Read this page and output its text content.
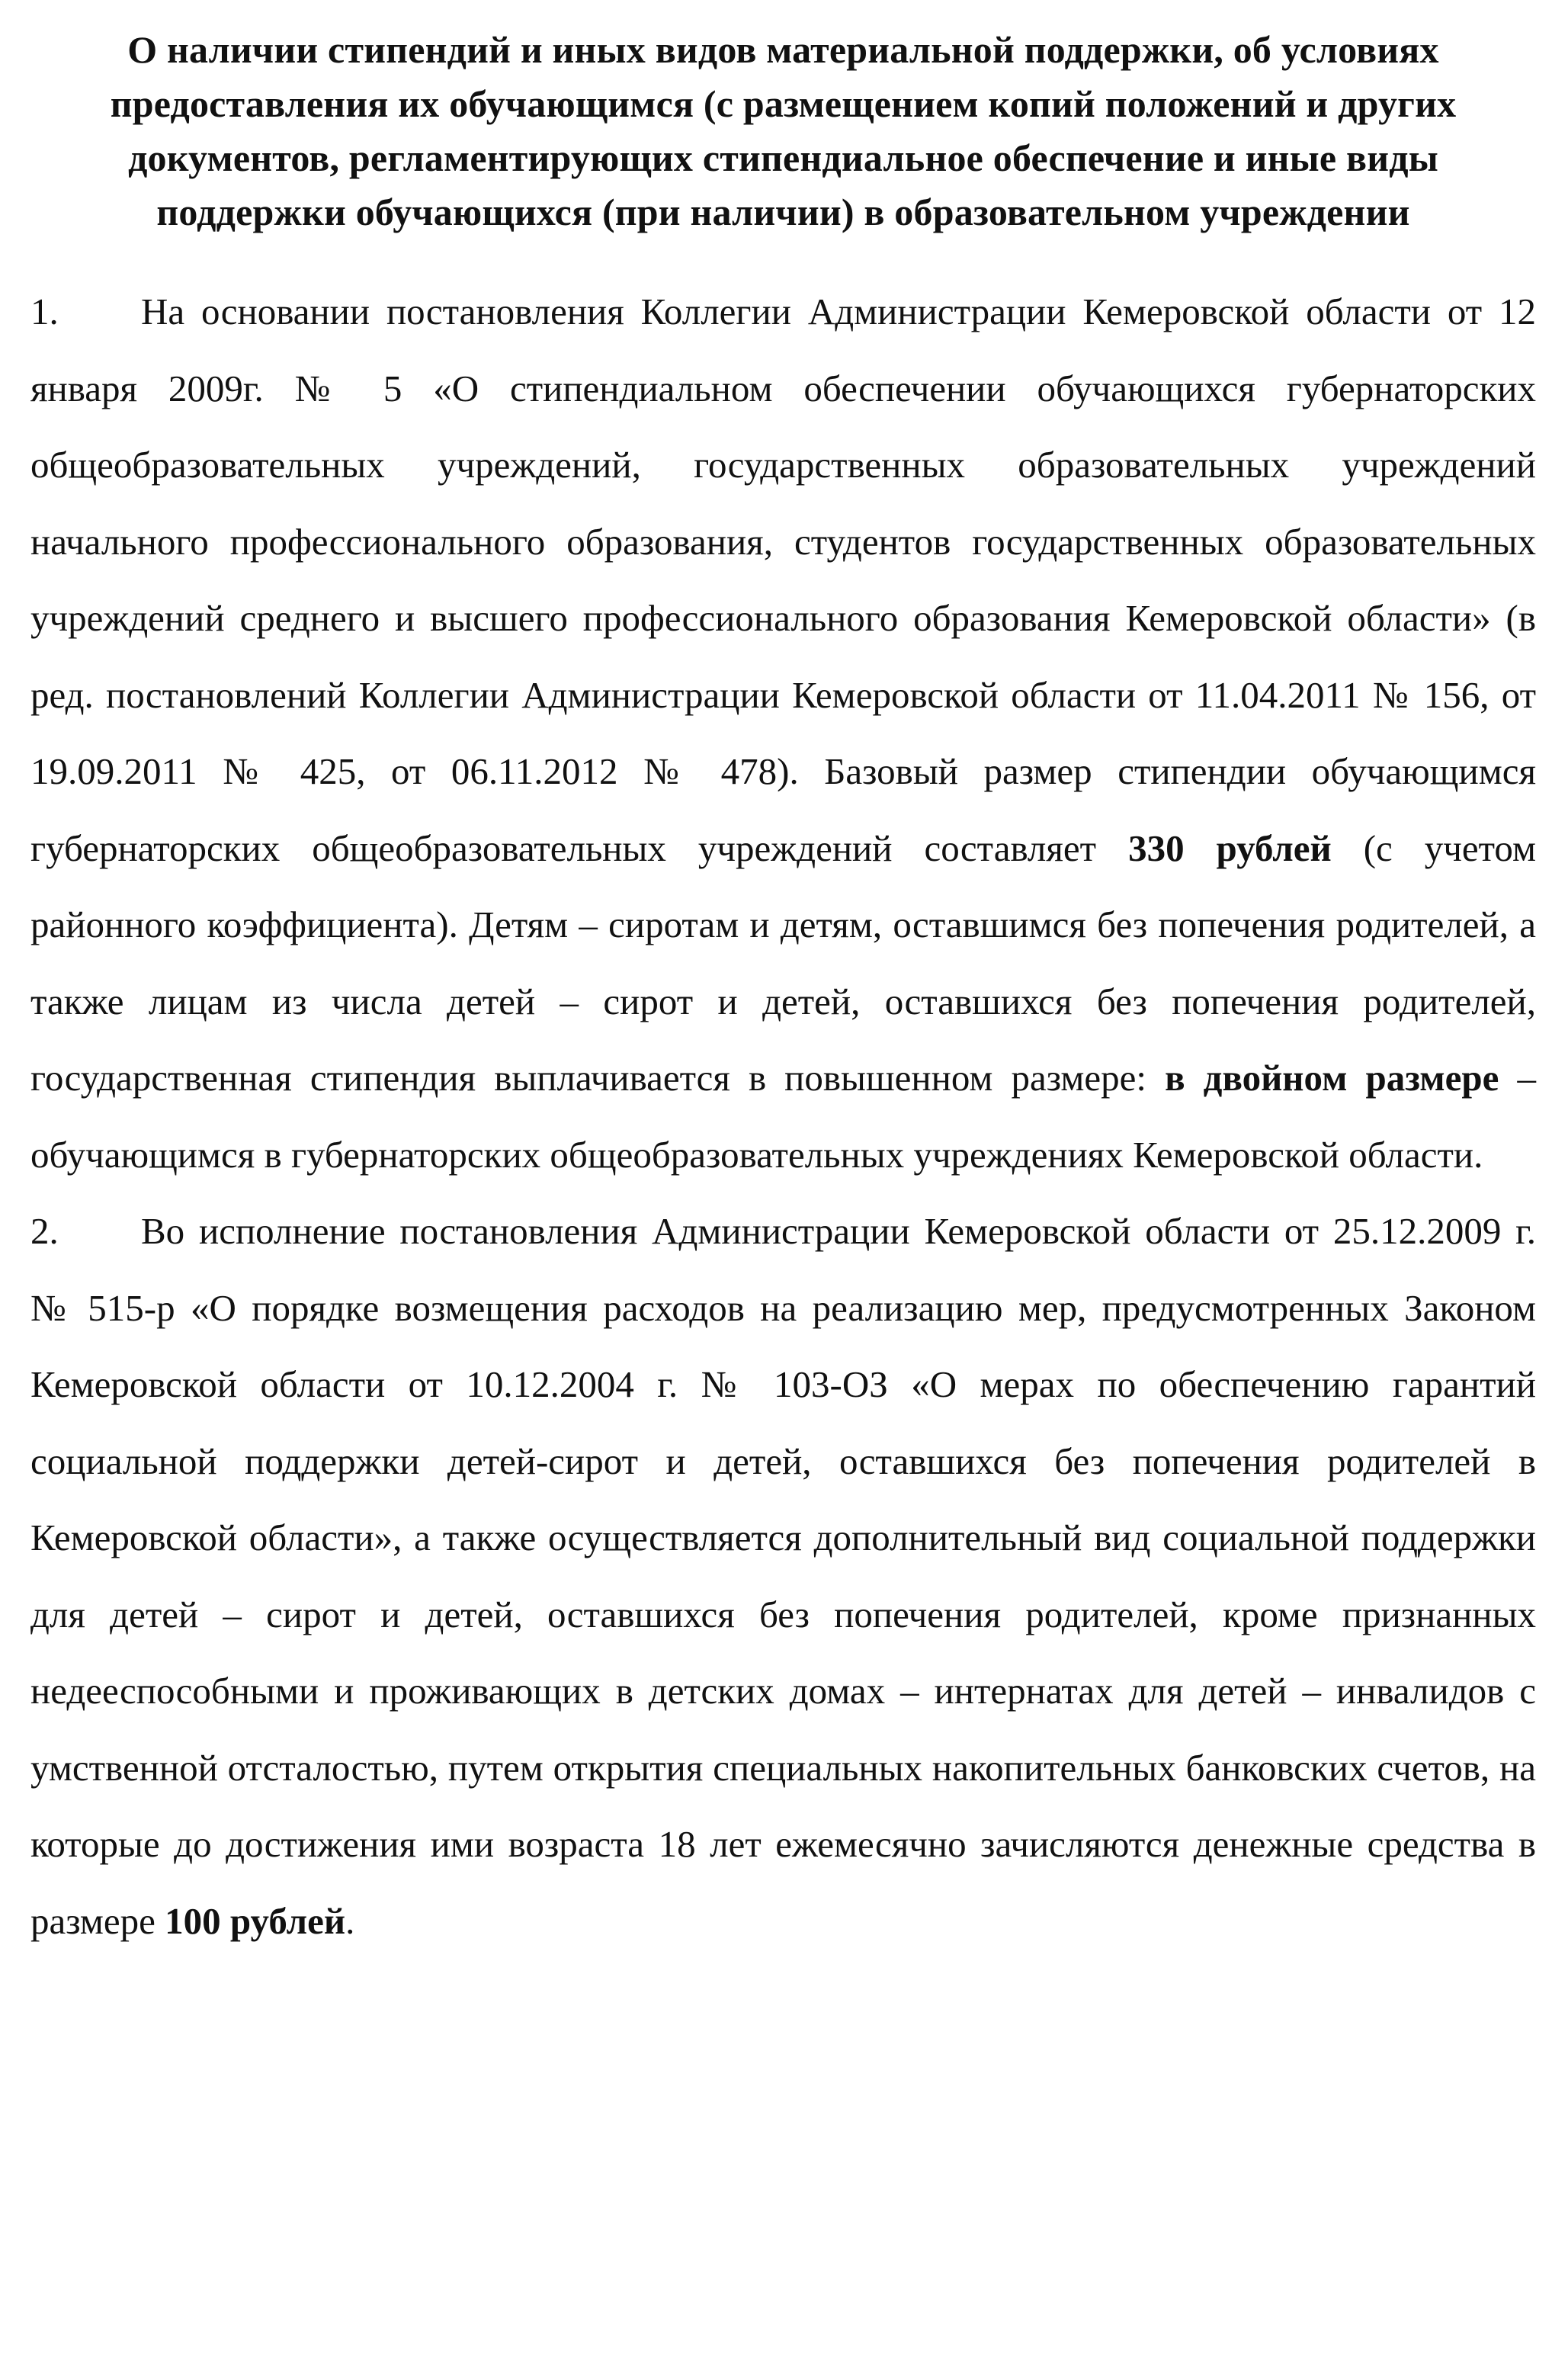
О наличии стипендий и иных видов материальной поддержки, об условиях предоставления их обучающимся (с размещением копий положений и других документов, регламентирующих стипендиальное обеспечение и иные виды поддержки обучающихся (при наличии) в образовательном учреждении

1. На основании постановления Коллегии Администрации Кемеровской области от 12 января 2009г. № 5 «О стипендиальном обеспечении обучающихся губернаторских общеобразовательных учреждений, государственных образовательных учреждений начального профессионального образования, студентов государственных образовательных учреждений среднего и высшего профессионального образования Кемеровской области» (в ред. постановлений Коллегии Администрации Кемеровской области от 11.04.2011 № 156, от 19.09.2011 № 425, от 06.11.2012 № 478). Базовый размер стипендии обучающимся губернаторских общеобразовательных учреждений составляет 330 рублей (с учетом районного коэффициента). Детям – сиротам и детям, оставшимся без попечения родителей, а также лицам из числа детей – сирот и детей, оставшихся без попечения родителей, государственная стипендия выплачивается в повышенном размере: в двойном размере – обучающимся в губернаторских общеобразовательных учреждениях Кемеровской области.

2. Во исполнение постановления Администрации Кемеровской области от 25.12.2009 г. № 515-р «О порядке возмещения расходов на реализацию мер, предусмотренных Законом Кемеровской области от 10.12.2004 г. № 103-ОЗ «О мерах по обеспечению гарантий социальной поддержки детей-сирот и детей, оставшихся без попечения родителей в Кемеровской области», а также осуществляется дополнительный вид социальной поддержки для детей – сирот и детей, оставшихся без попечения родителей, кроме признанных недееспособными и проживающих в детских домах – интернатах для детей – инвалидов с умственной отсталостью, путем открытия специальных накопительных банковских счетов, на которые до достижения ими возраста 18 лет ежемесячно зачисляются денежные средства в размере 100 рублей.
